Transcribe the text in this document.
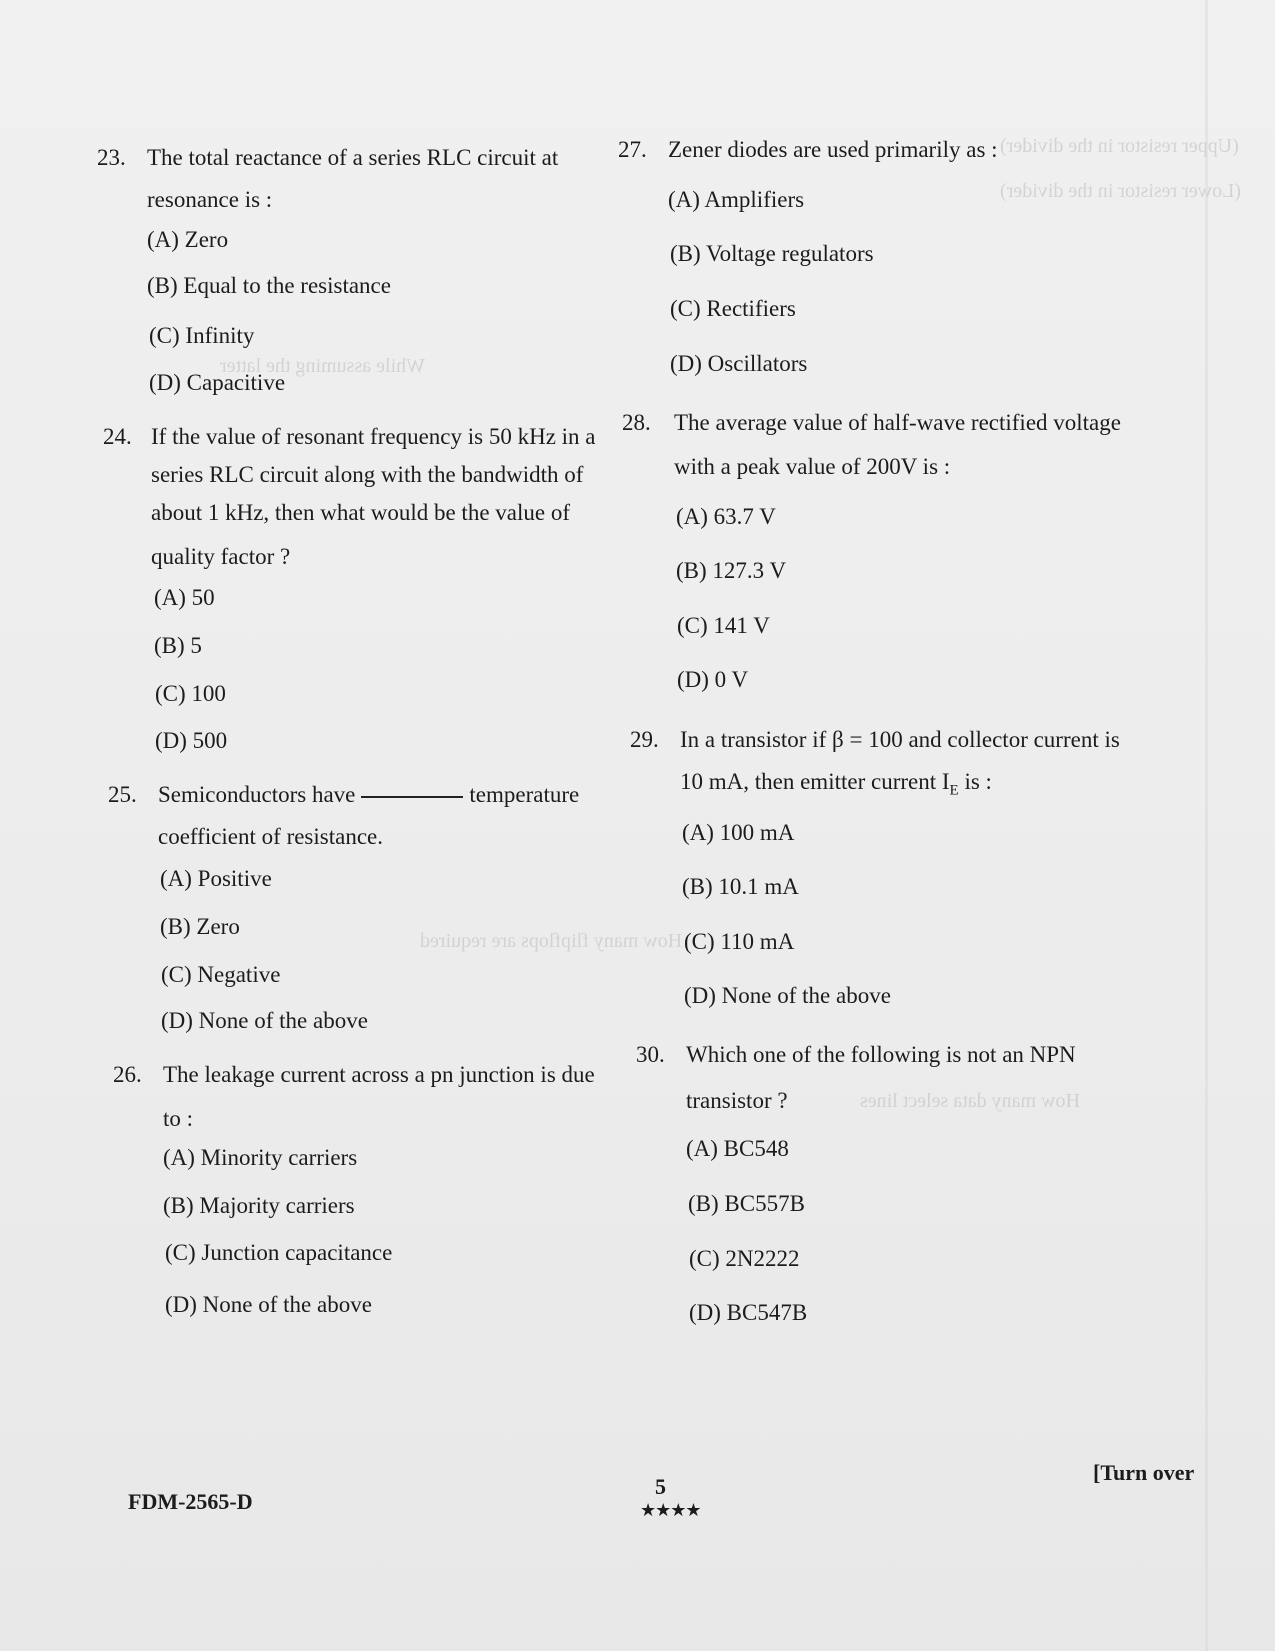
(Upper resistor in the divider)
(Lower resistor in the divider)
While assuming the latter
How many flipflops are required
How many data select lines
23. The total reactance of a series RLC circuit at
resonance is :
(A) Zero
(B) Equal to the resistance
(C) Infinity
(D) Capacitive
24. If the value of resonant frequency is 50 kHz in a
series RLC circuit along with the bandwidth of
about 1 kHz, then what would be the value of
quality factor ?
(A) 50
(B) 5
(C) 100
(D) 500
25. Semiconductors have	temperature
coefficient of resistance.
(A) Positive
(B) Zero
(C) Negative
(D) None of the above
26. The leakage current across a pn junction is due
to :
(A) Minority carriers
(B) Majority carriers
(C) Junction capacitance
(D) None of the above
27. Zener diodes are used primarily as :
(A) Amplifiers
(B) Voltage regulators
(C) Rectifiers
(D) Oscillators
28. The average value of half-wave rectified voltage
with a peak value of 200V is :
(A) 63.7 V
(B) 127.3 V
(C) 141 V
(D) 0 V
29. In a transistor if β = 100 and collector current is
10 mA, then emitter current $I_E$ is :
(A) 100 mA
(B) 10.1 mA
(C) 110 mA
(D) None of the above
30. Which one of the following is not an NPN
transistor ?
(A) BC548
(B) BC557B
(C) 2N2222
(D) BC547B
FDM-2565-D
5
★★★★
[Turn over
